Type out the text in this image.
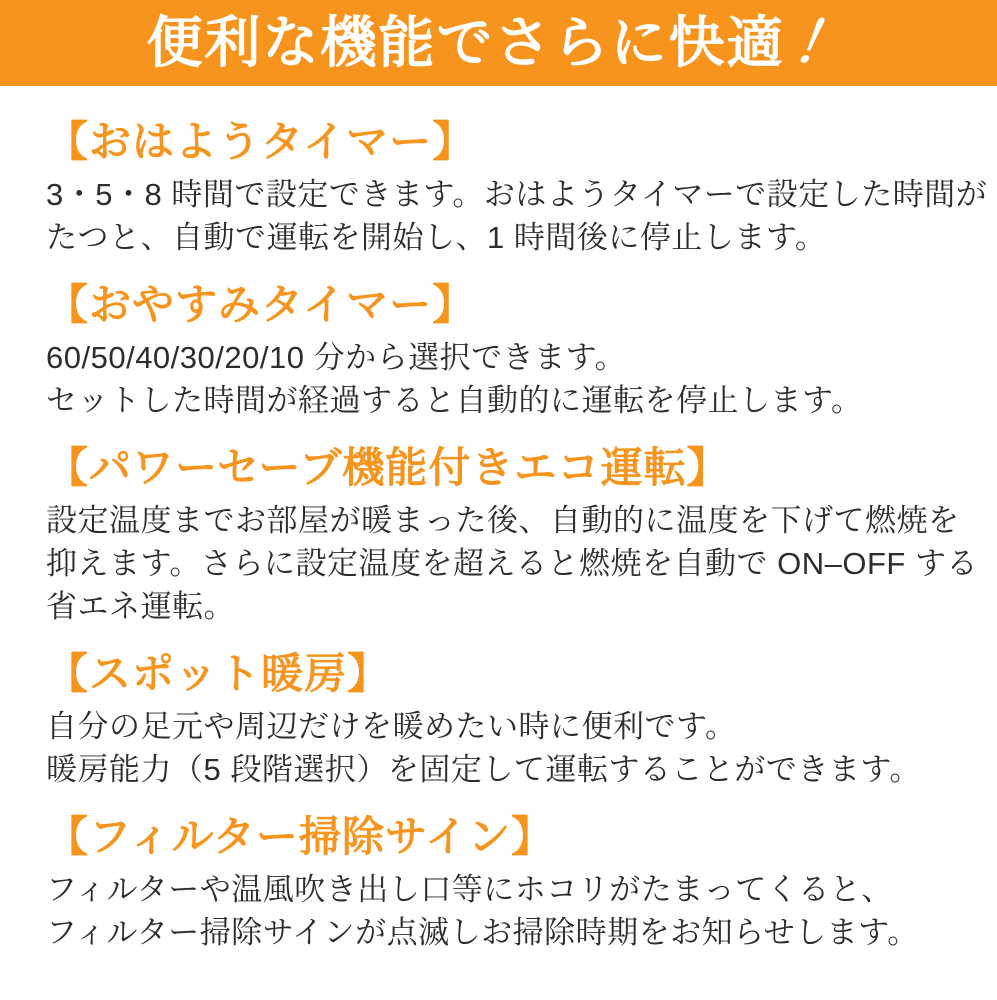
便利な機能でさらに快適！
【おはようタイマー】

3・5・8 時間で設定できます。おはようタイマーで設定した時間が

たつと、自動で運転を開始し、1 時間後に停止します。

【おやすみタイマー】

60/50/40/30/20/10 分から選択できます。

セットした時間が経過すると自動的に運転を停止します。

【パワーセーブ機能付きエコ運転】

設定温度までお部屋が暖まった後、自動的に温度を下げて燃焼を

抑えます。さらに設定温度を超えると燃焼を自動で ON–OFF する

省エネ運転。

【スポット暖房】

自分の足元や周辺だけを暖めたい時に便利です。

暖房能力（5 段階選択）を固定して運転することができます。

【フィルター掃除サイン】

フィルターや温風吹き出し口等にホコリがたまってくると、

フィルター掃除サインが点滅しお掃除時期をお知らせします。
